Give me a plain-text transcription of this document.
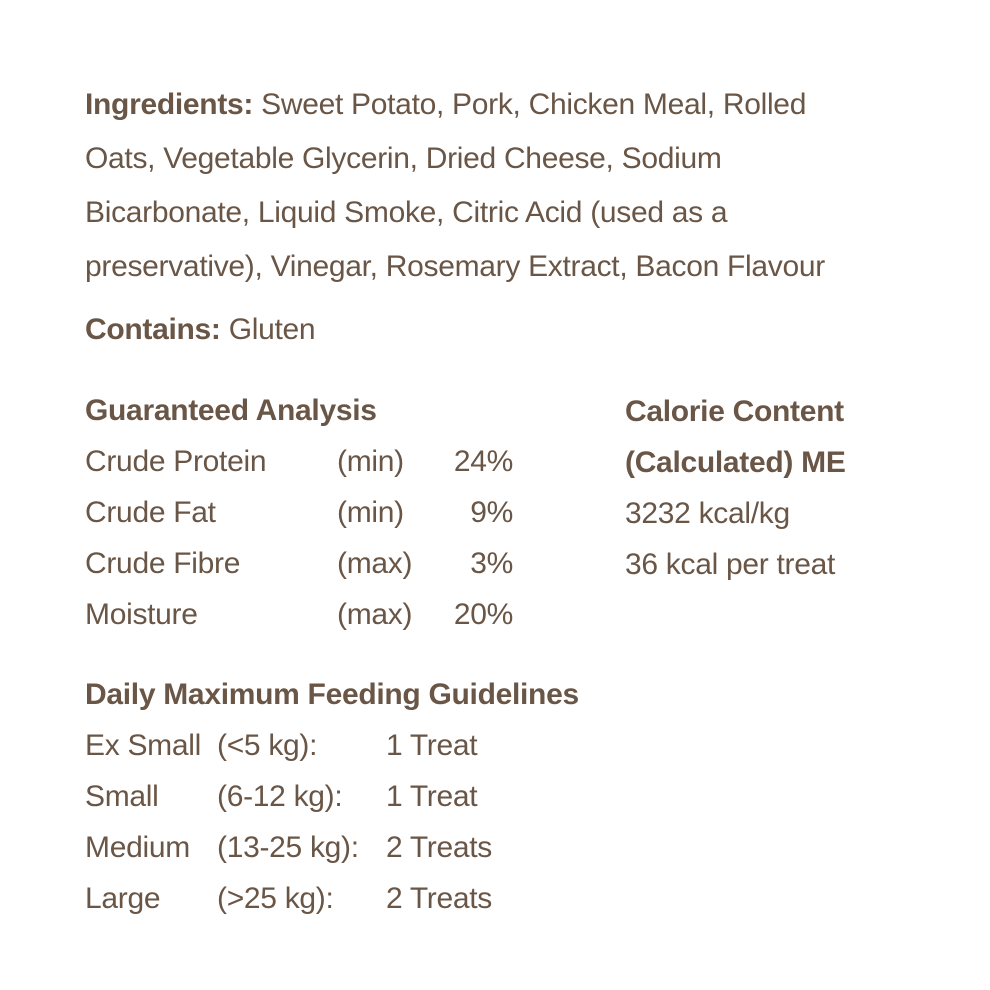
Ingredients: Sweet Potato, Pork, Chicken Meal, Rolled
Oats, Vegetable Glycerin, Dried Cheese, Sodium
Bicarbonate, Liquid Smoke, Citric Acid (used as a
preservative), Vinegar, Rosemary Extract, Bacon Flavour
Contains: Gluten
Guaranteed Analysis
Crude Protein (min) 24%
Crude Fat	(min) 9%
Crude Fibre	(max) 3%
Moisture	(max) 20%
Calorie Content
(Calculated) ME
3232 kcal/kg
36 kcal per treat
Daily Maximum Feeding Guidelines
Ex Small (<5 kg): 1 Treat
Small (6-12 kg): 1 Treat
Medium (13-25 kg): 2 Treats
Large (>25 kg): 2 Treats
